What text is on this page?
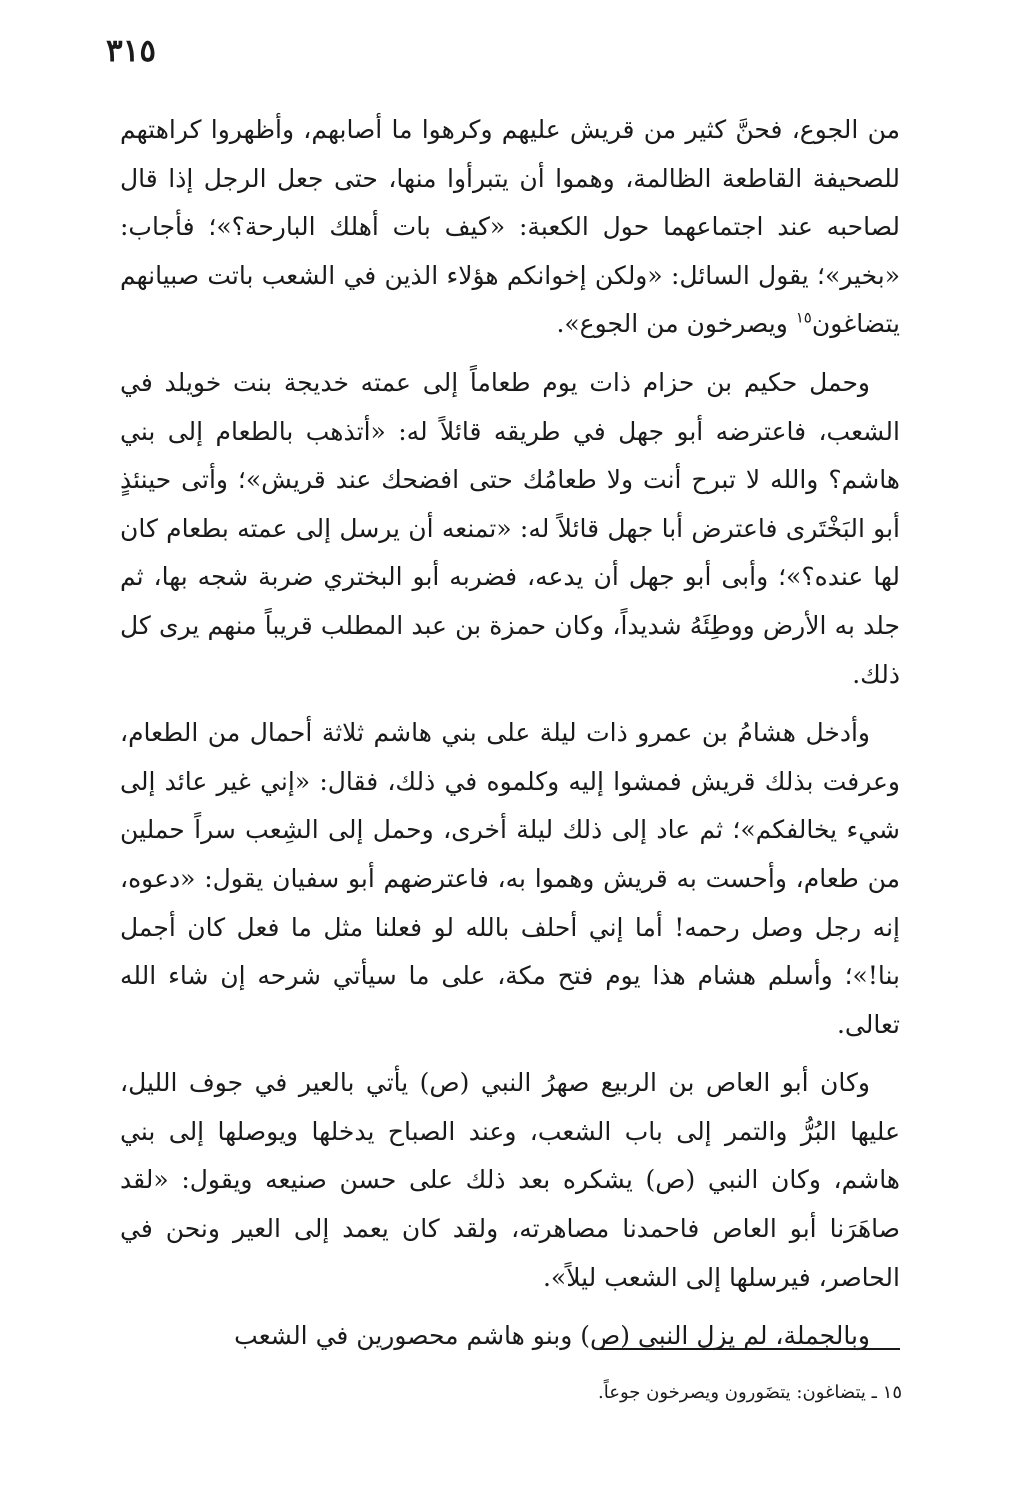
٣١٥

من الجوع، فحنَّ كثير من قريش عليهم وكرهوا ما أصابهم، وأظهروا كراهتهم للصحيفة القاطعة الظالمة، وهموا أن يتبرأوا منها، حتى جعل الرجل إذا قال لصاحبه عند اجتماعهما حول الكعبة: «كيف بات أهلك البارحة؟»؛ فأجاب: «بخير»؛ يقول السائل: «ولكن إخوانكم هؤلاء الذين في الشعب باتت صبيانهم يتضاغون$^{١٥}$ ويصرخون من الجوع».

وحمل حكيم بن حزام ذات يوم طعاماً إلى عمته خديجة بنت خويلد في الشعب، فاعترضه أبو جهل في طريقه قائلاً له: «أتذهب بالطعام إلى بني هاشم؟ والله لا تبرح أنت ولا طعامُك حتى افضحك عند قريش»؛ وأتى حينئذٍ أبو البَخْتَرى فاعترض أبا جهل قائلاً له: «تمنعه أن يرسل إلى عمته بطعام كان لها عنده؟»؛ وأبى أبو جهل أن يدعه، فضربه أبو البختري ضربة شجه بها، ثم جلد به الأرض ووطِئَهُ شديداً، وكان حمزة بن عبد المطلب قريباً منهم يرى كل ذلك.

وأدخل هشامُ بن عمرو ذات ليلة على بني هاشم ثلاثة أحمال من الطعام، وعرفت بذلك قريش فمشوا إليه وكلموه في ذلك، فقال: «إني غير عائد إلى شيء يخالفكم»؛ ثم عاد إلى ذلك ليلة أخرى، وحمل إلى الشِعب سراً حملين من طعام، وأحست به قريش وهموا به، فاعترضهم أبو سفيان يقول: «دعوه، إنه رجل وصل رحمه! أما إني أحلف بالله لو فعلنا مثل ما فعل كان أجمل بنا!»؛ وأسلم هشام هذا يوم فتح مكة، على ما سيأتي شرحه إن شاء الله تعالى.

وكان أبو العاص بن الربيع صهرُ النبي (ص) يأتي بالعير في جوف الليل، عليها البُرُّ والتمر إلى باب الشعب، وعند الصباح يدخلها ويوصلها إلى بني هاشم، وكان النبي (ص) يشكره بعد ذلك على حسن صنيعه ويقول: «لقد صاهَرَنا أبو العاص فاحمدنا مصاهرته، ولقد كان يعمد إلى العير ونحن في الحاصر، فيرسلها إلى الشعب ليلاً».

وبالجملة، لم يزل النبي (ص) وبنو هاشم محصورين في الشعب

١٥ ـ يتضاغون: يتضَورون ويصرخون جوعاً.
